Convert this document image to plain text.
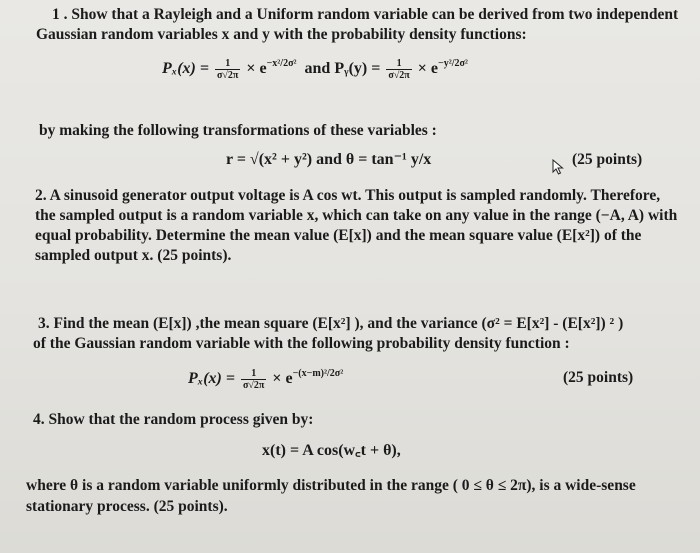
1 . Show that a Rayleigh and a Uniform random variable can be derived from two independent
Gaussian random variables x and y with the probability density functions:
$P_x(x) = \frac{1}{\sigma√2\pi} \times e^{-x^2/2\sigma^2}$ and Pᵧ(y) = $\frac{1}{\sigma√2\pi} \times e^{-y^2/2\sigma^2}$
by making the following transformations of these variables :
r = √(x² + y²) and θ = tan⁻¹ y/x	(25 points)
2. A sinusoid generator output voltage is A cos wt. This output is sampled randomly. Therefore,
the sampled output is a random variable x, which can take on any value in the range (−A, A) with
equal probability. Determine the mean value (E[x]) and the mean square value (E[x²]) of the
sampled output x. (25 points).
3. Find the mean (E[x]) ,the mean square (E[x²] ), and the variance (σ² = E[x²] - (E[x²]) ² )
of the Gaussian random variable with the following probability density function :
$P_x(x) = \frac{1}{\sigma√2\pi} \times e^{-(x-m)^2/2\sigma^2}$	(25 points)
4. Show that the random process given by:
x(t) = A cos(w꜀t + θ),
where θ is a random variable uniformly distributed in the range ( 0 ≤ θ ≤ 2π), is a wide-sense
stationary process. (25 points).
